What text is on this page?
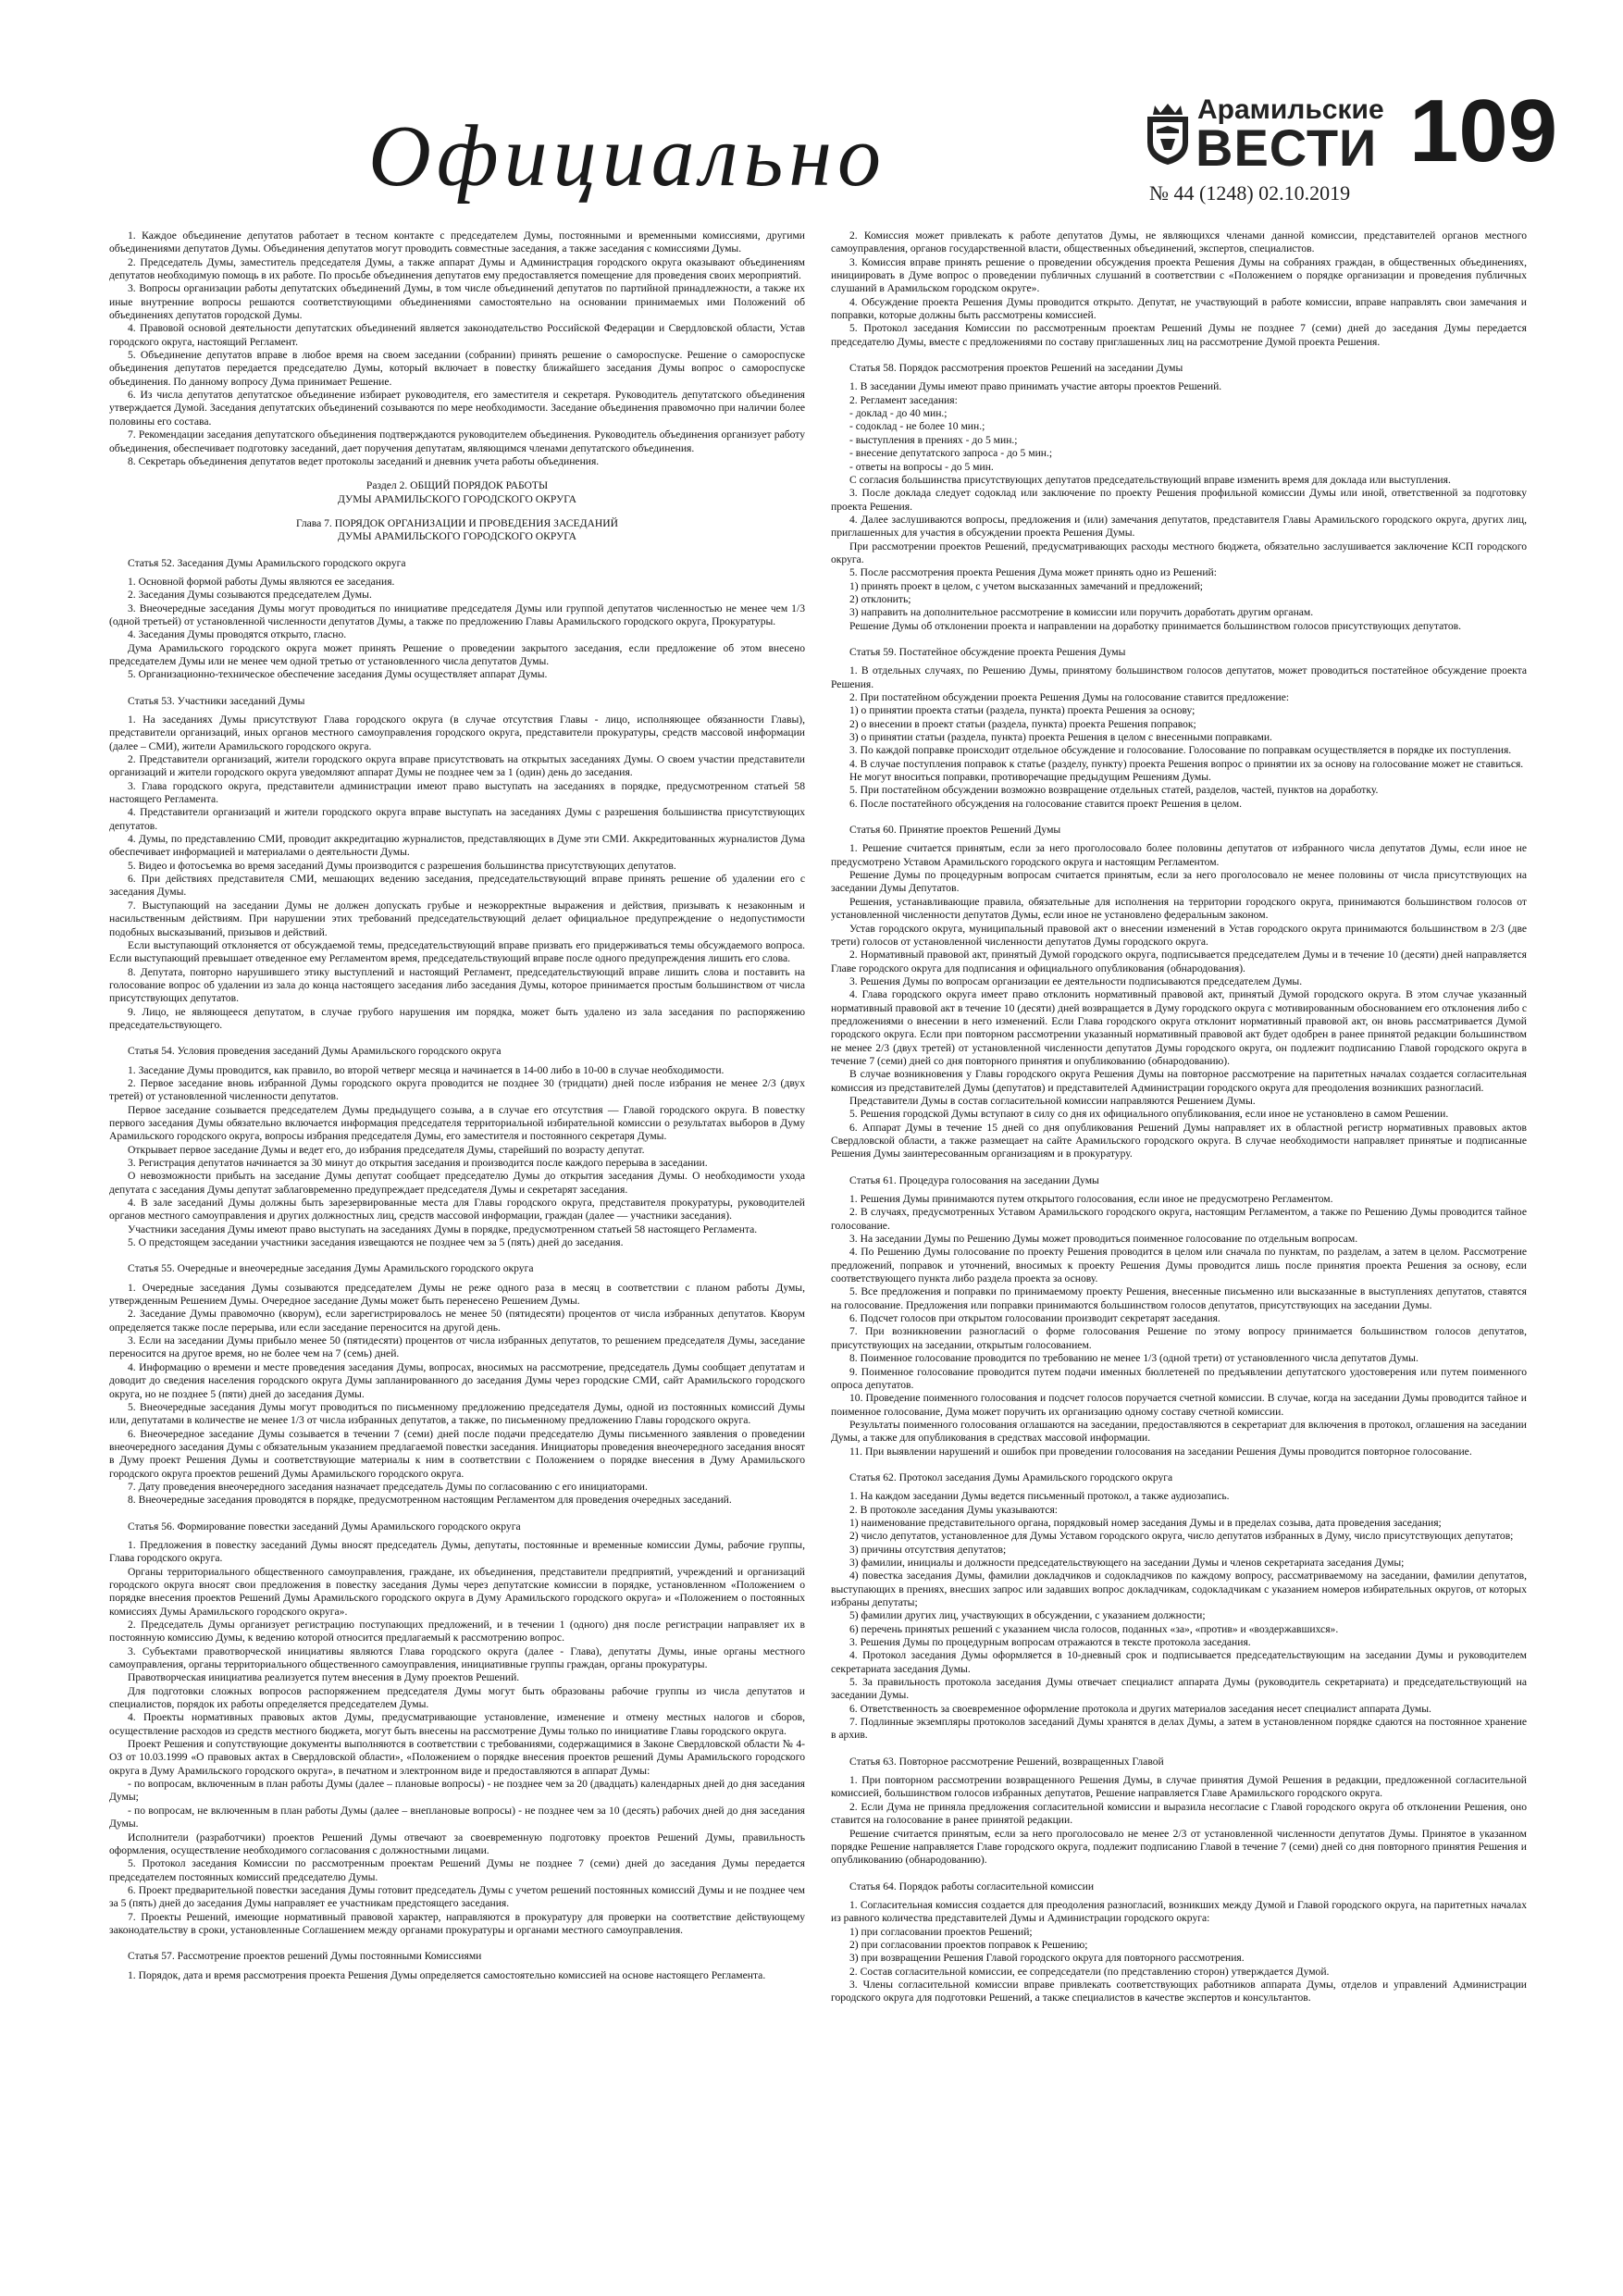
Официально	Арамильские
ВЕСТИ
№ 44 (1248) 02.10.2019
109

1. Каждое объединение депутатов работает в тесном контакте с председателем Думы, постоянными и временными комиссиями, другими объединениями депутатов Думы. Объединения депутатов могут проводить совместные заседания, а также заседания с комиссиями Думы.

2. Председатель Думы, заместитель председателя Думы, а также аппарат Думы и Администрация городского округа оказывают объединениям депутатов необходимую помощь в их работе. По просьбе объединения депутатов ему предоставляется помещение для проведения своих мероприятий.

3. Вопросы организации работы депутатских объединений Думы, в том числе объединений депутатов по партийной принадлежности, а также их иные внутренние вопросы решаются соответствующими объединениями самостоятельно на основании принимаемых ими Положений об объединениях депутатов городской Думы.

4. Правовой основой деятельности депутатских объединений является законодательство Российской Федерации и Свердловской области, Устав городского округа, настоящий Регламент.

5. Объединение депутатов вправе в любое время на своем заседании (собрании) принять решение о самороспуске. Решение о самороспуске объединения депутатов передается председателю Думы, который включает в повестку ближайшего заседания Думы вопрос о самороспуске объединения. По данному вопросу Дума принимает Решение.

6. Из числа депутатов депутатское объединение избирает руководителя, его заместителя и секретаря. Руководитель депутатского объединения утверждается Думой. Заседания депутатских объединений созываются по мере необходимости. Заседание объединения правомочно при наличии более половины его состава.

7. Рекомендации заседания депутатского объединения подтверждаются руководителем объединения. Руководитель объединения организует работу объединения, обеспечивает подготовку заседаний, дает поручения депутатам, являющимся членами депутатского объединения.

8. Секретарь объединения депутатов ведет протоколы заседаний и дневник учета работы объединения.

Раздел 2. ОБЩИЙ ПОРЯДОК РАБОТЫ

ДУМЫ АРАМИЛЬСКОГО ГОРОДСКОГО ОКРУГА

Глава 7. ПОРЯДОК ОРГАНИЗАЦИИ И ПРОВЕДЕНИЯ ЗАСЕДАНИЙ

ДУМЫ АРАМИЛЬСКОГО ГОРОДСКОГО ОКРУГА

Статья 52. Заседания Думы Арамильского городского округа

1. Основной формой работы Думы являются ее заседания.

2. Заседания Думы созываются председателем Думы.

3. Внеочередные заседания Думы могут проводиться по инициативе председателя Думы или группой депутатов численностью не менее чем 1/3 (одной третьей) от установленной численности депутатов Думы, а также по предложению Главы Арамильского городского округа, Прокуратуры.

4. Заседания Думы проводятся открыто, гласно.

Дума Арамильского городского округа может принять Решение о проведении закрытого заседания, если предложение об этом внесено председателем Думы или не менее чем одной третью от установленного числа депутатов Думы.

5. Организационно-техническое обеспечение заседания Думы осуществляет аппарат Думы.

Статья 53. Участники заседаний Думы

1. На заседаниях Думы присутствуют Глава городского округа (в случае отсутствия Главы - лицо, исполняющее обязанности Главы), представители организаций, иных органов местного самоуправления городского округа, представители прокуратуры, средств массовой информации (далее – СМИ), жители Арамильского городского округа.

2. Представители организаций, жители городского округа вправе присутствовать на открытых заседаниях Думы. О своем участии представители организаций и жители городского округа уведомляют аппарат Думы не позднее чем за 1 (один) день до заседания.

3. Глава городского округа, представители администрации имеют право выступать на заседаниях в порядке, предусмотренном статьей 58 настоящего Регламента.

4. Представители организаций и жители городского округа вправе выступать на заседаниях Думы с разрешения большинства присутствующих депутатов.

4. Думы, по представлению СМИ, проводит аккредитацию журналистов, представляющих в Думе эти СМИ. Аккредитованных журналистов Дума обеспечивает информацией и материалами о деятельности Думы.

5. Видео и фотосъемка во время заседаний Думы производится с разрешения большинства присутствующих депутатов.

6. При действиях представителя СМИ, мешающих ведению заседания, председательствующий вправе принять решение об удалении его с заседания Думы.

7. Выступающий на заседании Думы не должен допускать грубые и неэкорректные выражения и действия, призывать к незаконным и насильственным действиям. При нарушении этих требований председательствующий делает официальное предупреждение о недопустимости подобных высказываний, призывов и действий.

Если выступающий отклоняется от обсуждаемой темы, председательствующий вправе призвать его придерживаться темы обсуждаемого вопроса. Если выступающий превышает отведенное ему Регламентом время, председательствующий вправе после одного предупреждения лишить его слова.

8. Депутата, повторно нарушившего этику выступлений и настоящий Регламент, председательствующий вправе лишить слова и поставить на голосование вопрос об удалении из зала до конца настоящего заседания либо заседания Думы, которое принимается простым большинством от числа присутствующих депутатов.

9. Лицо, не являющееся депутатом, в случае грубого нарушения им порядка, может быть удалено из зала заседания по распоряжению председательствующего.

Статья 54. Условия проведения заседаний Думы Арамильского городского округа

1. Заседание Думы проводится, как правило, во второй четверг месяца и начинается в 14-00 либо в 10-00 в случае необходимости.

2. Первое заседание вновь избранной Думы городского округа проводится не позднее 30 (тридцати) дней после избрания не менее 2/3 (двух третей) от установленной численности депутатов.

Первое заседание созывается председателем Думы предыдущего созыва, а в случае его отсутствия — Главой городского округа. В повестку первого заседания Думы обязательно включается информация председателя территориальной избирательной комиссии о результатах выборов в Думу Арамильского городского округа, вопросы избрания председателя Думы, его заместителя и постоянного секретаря Думы.

Открывает первое заседание Думы и ведет его, до избрания председателя Думы, старейший по возрасту депутат.

3. Регистрация депутатов начинается за 30 минут до открытия заседания и производится после каждого перерыва в заседании.

О невозможности прибыть на заседание Думы депутат сообщает председателю Думы до открытия заседания Думы. О необходимости ухода депутата с заседания Думы депутат заблаговременно предупреждает председателя Думы и секретарят заседания.

4. В зале заседаний Думы должны быть зарезервированные места для Главы городского округа, представителя прокуратуры, руководителей органов местного самоуправления и других должностных лиц, средств массовой информации, граждан (далее — участники заседания).

Участники заседания Думы имеют право выступать на заседаниях Думы в порядке, предусмотренном статьей 58 настоящего Регламента.

5. О предстоящем заседании участники заседания извещаются не позднее чем за 5 (пять) дней до заседания.

Статья 55. Очередные и внеочередные заседания Думы Арамильского городского округа

1. Очередные заседания Думы созываются председателем Думы не реже одного раза в месяц в соответствии с планом работы Думы, утвержденным Решением Думы. Очередное заседание Думы может быть перенесено Решением Думы.

2. Заседание Думы правомочно (кворум), если зарегистрировалось не менее 50 (пятидесяти) процентов от числа избранных депутатов. Кворум определяется также после перерыва, или если заседание переносится на другой день.

3. Если на заседании Думы прибыло менее 50 (пятидесяти) процентов от числа избранных депутатов, то решением председателя Думы, заседание переносится на другое время, но не более чем на 7 (семь) дней.

4. Информацию о времени и месте проведения заседания Думы, вопросах, вносимых на рассмотрение, председатель Думы сообщает депутатам и доводит до сведения населения городского округа Думы запланированного до заседания Думы через городские СМИ, сайт Арамильского городского округа, но не позднее 5 (пяти) дней до заседания Думы.

5. Внеочередные заседания Думы могут проводиться по письменному предложению председателя Думы, одной из постоянных комиссий Думы или, депутатами в количестве не менее 1/3 от числа избранных депутатов, а также, по письменному предложению Главы городского округа.

6. Внеочередное заседание Думы созывается в течении 7 (семи) дней после подачи председателю Думы письменного заявления о проведении внеочередного заседания Думы с обязательным указанием предлагаемой повестки заседания. Инициаторы проведения внеочередного заседания вносят в Думу проект Решения Думы и соответствующие материалы к ним в соответствии с Положением о порядке внесения в Думу Арамильского городского округа проектов решений Думы Арамильского городского округа.

7. Дату проведения внеочередного заседания назначает председатель Думы по согласованию с его инициаторами.

8. Внеочередные заседания проводятся в порядке, предусмотренном настоящим Регламентом для проведения очередных заседаний.

Статья 56. Формирование повестки заседаний Думы Арамильского городского округа

1. Предложения в повестку заседаний Думы вносят председатель Думы, депутаты, постоянные и временные комиссии Думы, рабочие группы, Глава городского округа.

Органы территориального общественного самоуправления, граждане, их объединения, представители предприятий, учреждений и организаций городского округа вносят свои предложения в повестку заседания Думы через депутатские комиссии в порядке, установленном «Положением о порядке внесения проектов Решений Думы Арамильского городского округа в Думу Арамильского городского округа» и «Положением о постоянных комиссиях Думы Арамильского городского округа».

2. Председатель Думы организует регистрацию поступающих предложений, и в течении 1 (одного) дня после регистрации направляет их в постоянную комиссию Думы, к ведению которой относится предлагаемый к рассмотрению вопрос.

3. Субъектами правотворческой инициативы являются Глава городского округа (далее - Глава), депутаты Думы, иные органы местного самоуправления, органы территориального общественного самоуправления, инициативные группы граждан, органы прокуратуры.

Правотворческая инициатива реализуется путем внесения в Думу проектов Решений.

Для подготовки сложных вопросов распоряжением председателя Думы могут быть образованы рабочие группы из числа депутатов и специалистов, порядок их работы определяется председателем Думы.

4. Проекты нормативных правовых актов Думы, предусматривающие установление, изменение и отмену местных налогов и сборов, осуществление расходов из средств местного бюджета, могут быть внесены на рассмотрение Думы только по инициативе Главы городского округа.

Проект Решения и сопутствующие документы выполняются в соответствии с требованиями, содержащимися в Законе Свердловской области № 4-ОЗ от 10.03.1999 «О правовых актах в Свердловской области», «Положением о порядке внесения проектов решений Думы Арамильского городского округа в Думу Арамильского городского округа», в печатном и электронном виде и предоставляются в аппарат Думы:

- по вопросам, включенным в план работы Думы (далее – плановые вопросы) - не позднее чем за 20 (двадцать) календарных дней до дня заседания Думы;

- по вопросам, не включенным в план работы Думы (далее – внеплановые вопросы) - не позднее чем за 10 (десять) рабочих дней до дня заседания Думы.

Исполнители (разработчики) проектов Решений Думы отвечают за своевременную подготовку проектов Решений Думы, правильность оформления, осуществление необходимого согласования с должностными лицами.

5. Протокол заседания Комиссии по рассмотренным проектам Решений Думы не позднее 7 (семи) дней до заседания Думы передается председателем постоянных комиссий председателю Думы.

6. Проект предварительной повестки заседания Думы готовит председатель Думы с учетом решений постоянных комиссий Думы и не позднее чем за 5 (пять) дней до заседания Думы направляет ее участникам предстоящего заседания.

7. Проекты Решений, имеющие нормативный правовой характер, направляются в прокуратуру для проверки на соответствие действующему законодательству в сроки, установленные Соглашением между органами прокуратуры и органами местного самоуправления.

Статья 57. Рассмотрение проектов решений Думы постоянными Комиссиями

1. Порядок, дата и время рассмотрения проекта Решения Думы определяется самостоятельно комиссией на основе настоящего Регламента.

2. Комиссия может привлекать к работе депутатов Думы, не являющихся членами данной комиссии, представителей органов местного самоуправления, органов государственной власти, общественных объединений, экспертов, специалистов.

3. Комиссия вправе принять решение о проведении обсуждения проекта Решения Думы на собраниях граждан, в общественных объединениях, инициировать в Думе вопрос о проведении публичных слушаний в соответствии с «Положением о порядке организации и проведения публичных слушаний в Арамильском городском округе».

4. Обсуждение проекта Решения Думы проводится открыто. Депутат, не участвующий в работе комиссии, вправе направлять свои замечания и поправки, которые должны быть рассмотрены комиссией.

5. Протокол заседания Комиссии по рассмотренным проектам Решений Думы не позднее 7 (семи) дней до заседания Думы передается председателю Думы, вместе с предложениями по составу приглашенных лиц на рассмотрение Думой проекта Решения.

Статья 58. Порядок рассмотрения проектов Решений на заседании Думы

1. В заседании Думы имеют право принимать участие авторы проектов Решений.

2. Регламент заседания:

- доклад - до 40 мин.;

- содоклад - не более 10 мин.;

- выступления в прениях - до 5 мин.;

- внесение депутатского запроса - до 5 мин.;

- ответы на вопросы - до 5 мин.

С согласия большинства присутствующих депутатов председательствующий вправе изменить время для доклада или выступления.

3. После доклада следует содоклад или заключение по проекту Решения профильной комиссии Думы или иной, ответственной за подготовку проекта Решения.

4. Далее заслушиваются вопросы, предложения и (или) замечания депутатов, представителя Главы Арамильского городского округа, других лиц, приглашенных для участия в обсуждении проекта Решения Думы.

При рассмотрении проектов Решений, предусматривающих расходы местного бюджета, обязательно заслушивается заключение КСП городского округа.

5. После рассмотрения проекта Решения Дума может принять одно из Решений:

1) принять проект в целом, с учетом высказанных замечаний и предложений;

2) отклонить;

3) направить на дополнительное рассмотрение в комиссии или поручить доработать другим органам.

Решение Думы об отклонении проекта и направлении на доработку принимается большинством голосов присутствующих депутатов.

Статья 59. Постатейное обсуждение проекта Решения Думы

1. В отдельных случаях, по Решению Думы, принятому большинством голосов депутатов, может проводиться постатейное обсуждение проекта Решения.

2. При постатейном обсуждении проекта Решения Думы на голосование ставится предложение:

1) о принятии проекта статьи (раздела, пункта) проекта Решения за основу;

2) о внесении в проект статьи (раздела, пункта) проекта Решения поправок;

3) о принятии статьи (раздела, пункта) проекта Решения в целом с внесенными поправками.

3. По каждой поправке происходит отдельное обсуждение и голосование. Голосование по поправкам осуществляется в порядке их поступления.

4. В случае поступления поправок к статье (разделу, пункту) проекта Решения вопрос о принятии их за основу на голосование может не ставиться.

Не могут вноситься поправки, противоречащие предыдущим Решениям Думы.

5. При постатейном обсуждении возможно возвращение отдельных статей, разделов, частей, пунктов на доработку.

6. После постатейного обсуждения на голосование ставится проект Решения в целом.

Статья 60. Принятие проектов Решений Думы

1. Решение считается принятым, если за него проголосовало более половины депутатов от избранного числа депутатов Думы, если иное не предусмотрено Уставом Арамильского городского округа и настоящим Регламентом.

Решение Думы по процедурным вопросам считается принятым, если за него проголосовало не менее половины от числа присутствующих на заседании Думы Депутатов.

Решения, устанавливающие правила, обязательные для исполнения на территории городского округа, принимаются большинством голосов от установленной численности депутатов Думы, если иное не установлено федеральным законом.

Устав городского округа, муниципальный правовой акт о внесении изменений в Устав городского округа принимаются большинством в 2/3 (две трети) голосов от установленной численности депутатов Думы городского округа.

2. Нормативный правовой акт, принятый Думой городского округа, подписывается председателем Думы и в течение 10 (десяти) дней направляется Главе городского округа для подписания и официального опубликования (обнародования).

3. Решения Думы по вопросам организации ее деятельности подписываются председателем Думы.

4. Глава городского округа имеет право отклонить нормативный правовой акт, принятый Думой городского округа. В этом случае указанный нормативный правовой акт в течение 10 (десяти) дней возвращается в Думу городского округа с мотивированным обоснованием его отклонения либо с предложениями о внесении в него изменений. Если Глава городского округа отклонит нормативный правовой акт, он вновь рассматривается Думой городского округа. Если при повторном рассмотрении указанный нормативный правовой акт будет одобрен в ранее принятой редакции большинством не менее 2/3 (двух третей) от установленной численности депутатов Думы городского округа, он подлежит подписанию Главой городского округа в течение 7 (семи) дней со дня повторного принятия и опубликованию (обнародованию).

В случае возникновения у Главы городского округа Решения Думы на повторное рассмотрение на паритетных началах создается согласительная комиссия из представителей Думы (депутатов) и представителей Администрации городского округа для преодоления возникших разногласий.

Представители Думы в состав согласительной комиссии направляются Решением Думы.

5. Решения городской Думы вступают в силу со дня их официального опубликования, если иное не установлено в самом Решении.

6. Аппарат Думы в течение 15 дней со дня опубликования Решений Думы направляет их в областной регистр нормативных правовых актов Свердловской области, а также размещает на сайте Арамильского городского округа. В случае необходимости направляет принятые и подписанные Решения Думы заинтересованным организациям и в прокуратуру.

Статья 61. Процедура голосования на заседании Думы

1. Решения Думы принимаются путем открытого голосования, если иное не предусмотрено Регламентом.

2. В случаях, предусмотренных Уставом Арамильского городского округа, настоящим Регламентом, а также по Решению Думы проводится тайное голосование.

3. На заседании Думы по Решению Думы может проводиться поименное голосование по отдельным вопросам.

4. По Решению Думы голосование по проекту Решения проводится в целом или сначала по пунктам, по разделам, а затем в целом. Рассмотрение предложений, поправок и уточнений, вносимых к проекту Решения Думы проводится лишь после принятия проекта Решения за основу, если соответствующего пункта либо раздела проекта за основу.

5. Все предложения и поправки по принимаемому проекту Решения, внесенные письменно или высказанные в выступлениях депутатов, ставятся на голосование. Предложения или поправки принимаются большинством голосов депутатов, присутствующих на заседании Думы.

6. Подсчет голосов при открытом голосовании производит секретарят заседания.

7. При возникновении разногласий о форме голосования Решение по этому вопросу принимается большинством голосов депутатов, присутствующих на заседании, открытым голосованием.

8. Поименное голосование проводится по требованию не менее 1/3 (одной трети) от установленного числа депутатов Думы.

9. Поименное голосование проводится путем подачи именных бюллетеней по предъявлении депутатского удостоверения или путем поименного опроса депутатов.

10. Проведение поименного голосования и подсчет голосов поручается счетной комиссии. В случае, когда на заседании Думы проводится тайное и поименное голосование, Дума может поручить их организацию одному составу счетной комиссии.

Результаты поименного голосования оглашаются на заседании, предоставляются в секретариат для включения в протокол, оглашения на заседании Думы, а также для опубликования в средствах массовой информации.

11. При выявлении нарушений и ошибок при проведении голосования на заседании Решения Думы проводится повторное голосование.

Статья 62. Протокол заседания Думы Арамильского городского округа

1. На каждом заседании Думы ведется письменный протокол, а также аудиозапись.

2. В протоколе заседания Думы указываются:

1) наименование представительного органа, порядковый номер заседания Думы и в пределах созыва, дата проведения заседания;

2) число депутатов, установленное для Думы Уставом городского округа, число депутатов избранных в Думу, число присутствующих депутатов;

3) причины отсутствия депутатов;

3) фамилии, инициалы и должности председательствующего на заседании Думы и членов секретариата заседания Думы;

4) повестка заседания Думы, фамилии докладчиков и содокладчиков по каждому вопросу, рассматриваемому на заседании, фамилии депутатов, выступающих в прениях, внесших запрос или задавших вопрос докладчикам, содокладчикам с указанием номеров избирательных округов, от которых избраны депутаты;

5) фамилии других лиц, участвующих в обсуждении, с указанием должности;

6) перечень принятых решений с указанием числа голосов, поданных «за», «против» и «воздержавшихся».

3. Решения Думы по процедурным вопросам отражаются в тексте протокола заседания.

4. Протокол заседания Думы оформляется в 10-дневный срок и подписывается председательствующим на заседании Думы и руководителем секретариата заседания Думы.

5. За правильность протокола заседания Думы отвечает специалист аппарата Думы (руководитель секретариата) и председательствующий на заседании Думы.

6. Ответственность за своевременное оформление протокола и других материалов заседания несет специалист аппарата Думы.

7. Подлинные экземпляры протоколов заседаний Думы хранятся в делах Думы, а затем в установленном порядке сдаются на постоянное хранение в архив.

Статья 63. Повторное рассмотрение Решений, возвращенных Главой

1. При повторном рассмотрении возвращенного Решения Думы, в случае принятия Думой Решения в редакции, предложенной согласительной комиссией, большинством голосов избранных депутатов, Решение направляется Главе Арамильского городского округа.

2. Если Дума не приняла предложения согласительной комиссии и выразила несогласие с Главой городского округа об отклонении Решения, оно ставится на голосование в ранее принятой редакции.

Решение считается принятым, если за него проголосовало не менее 2/3 от установленной численности депутатов Думы. Принятое в указанном порядке Решение направляется Главе городского округа, подлежит подписанию Главой в течение 7 (семи) дней со дня повторного принятия Решения и опубликованию (обнародованию).

Статья 64. Порядок работы согласительной комиссии

1. Согласительная комиссия создается для преодоления разногласий, возникших между Думой и Главой городского округа, на паритетных началах из равного количества представителей Думы и Администрации городского округа:

1) при согласовании проектов Решений;

2) при согласовании проектов поправок к Решению;

3) при возвращении Решения Главой городского округа для повторного рассмотрения.

2. Состав согласительной комиссии, ее сопредседатели (по представлению сторон) утверждается Думой.

3. Члены согласительной комиссии вправе привлекать соответствующих работников аппарата Думы, отделов и управлений Администрации городского округа для подготовки Решений, а также специалистов в качестве экспертов и консультантов.
